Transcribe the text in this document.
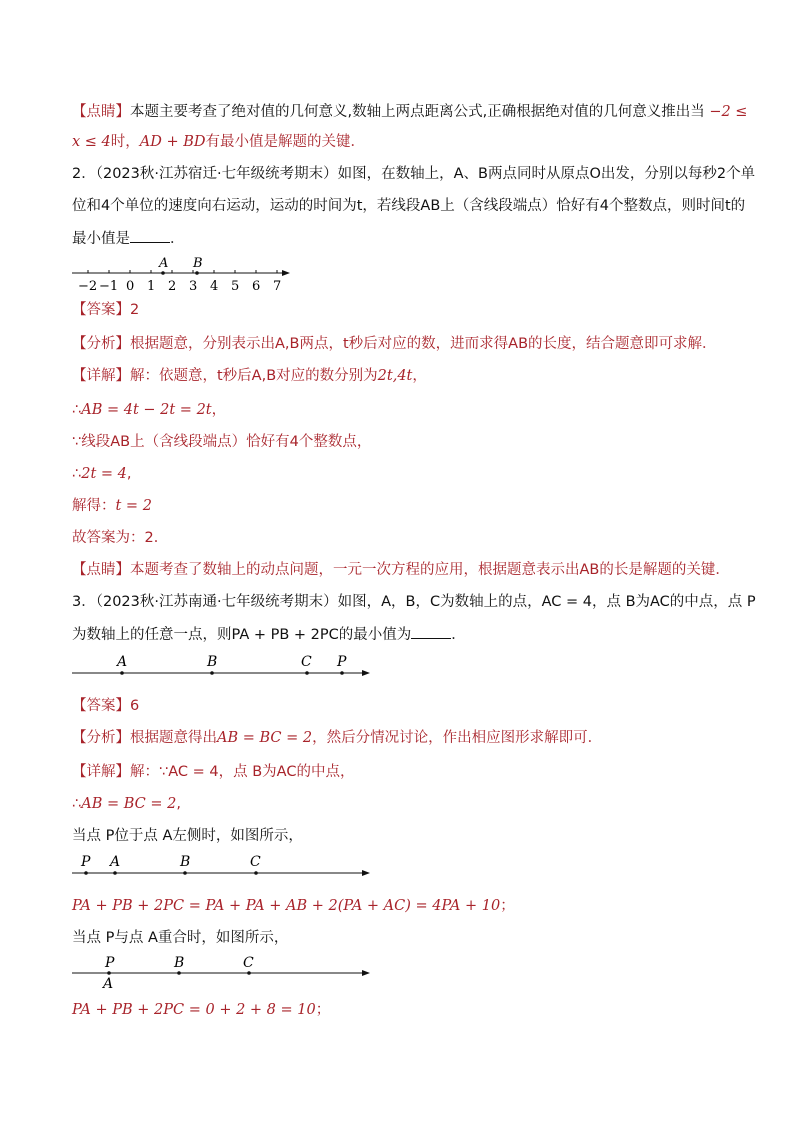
【点睛】本题主要考查了绝对值的几何意义,数轴上两点距离公式,正确根据绝对值的几何意义推出当 −2 ≤
x ≤ 4时，AD + BD有最小值是解题的关键．
2．（2023秋·江苏宿迁·七年级统考期末）如图，在数轴上，A、B两点同时从原点O出发，分别以每秒2个单
位和4个单位的速度向右运动，运动的时间为t，若线段AB上（含线段端点）恰好有4个整数点，则时间t的
最小值是	．
A B
−2 −1 0 1 2 3 4 5 6 7
【答案】2
【分析】根据题意，分别表示出A,B两点，t秒后对应的数，进而求得AB的长度，结合题意即可求解．
【详解】解：依题意，t秒后A,B对应的数分别为2t,4t，
∴AB = 4t − 2t = 2t，
∵线段AB上（含线段端点）恰好有4个整数点，
∴2t = 4,
解得：t = 2
故答案为：2．
【点睛】本题考查了数轴上的动点问题，一元一次方程的应用，根据题意表示出AB的长是解题的关键．
3．（2023秋·江苏南通·七年级统考期末）如图，A，B，C为数轴上的点，AC = 4，点 B为AC的中点，点 P
为数轴上的任意一点，则PA + PB + 2PC的最小值为	．
A	B	C P
【答案】6
【分析】根据题意得出AB = BC = 2，然后分情况讨论，作出相应图形求解即可．
【详解】解：∵AC = 4，点 B为AC的中点，
∴AB = BC = 2,
当点 P位于点 A左侧时，如图所示，
P A	B	C
PA + PB + 2PC = PA + PA + AB + 2(PA + AC) = 4PA + 10；
当点 P与点 A重合时，如图所示，
P
A
B	C
PA + PB + 2PC = 0 + 2 + 8 = 10；
